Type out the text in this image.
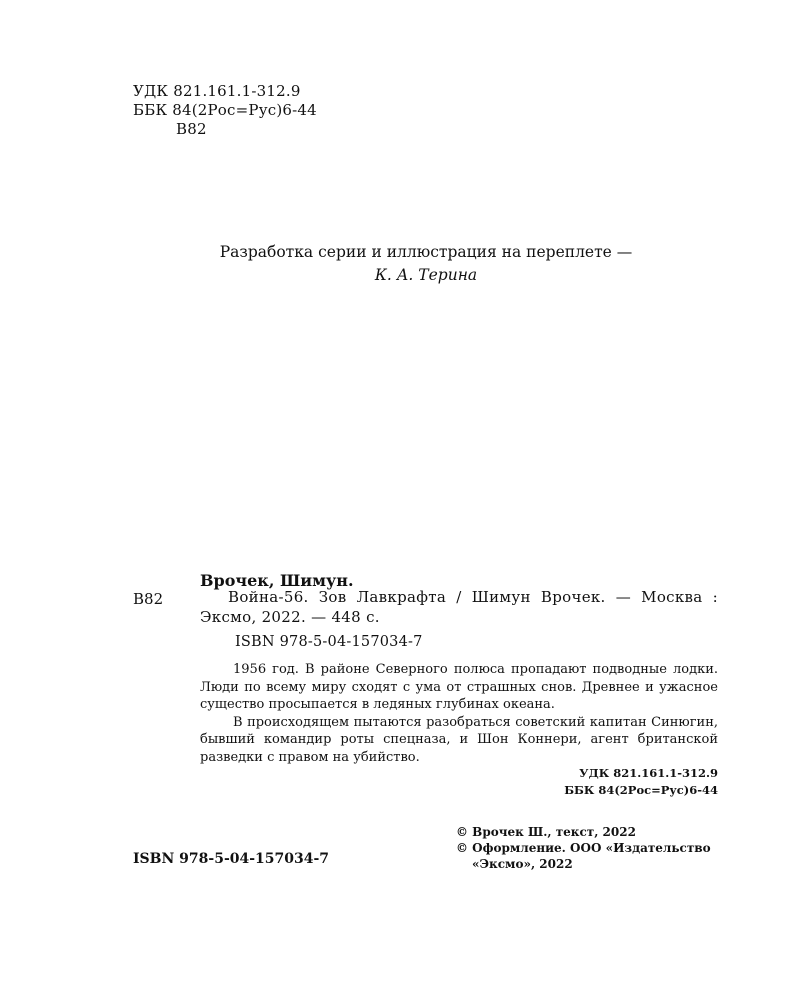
УДК 821.161.1-312.9
ББК 84(2Рос=Рус)6-44
В82
Разработка серии и иллюстрация на переплете —
К. А. Терина
В82
Врочек, Шимун.
Война-56. Зов Лавкрафта / Шимун Врочек. — Москва : Эксмо, 2022. — 448 с.
ISBN 978-5-04-157034-7

1956 год. В районе Северного полюса пропадают подводные лодки. Люди по всему миру сходят с ума от страшных снов. Древнее и ужасное существо просыпается в ледяных глубинах океана.

В происходящем пытаются разобраться советский капитан Синюгин, бывший командир роты спецназа, и Шон Коннери, агент британской разведки с правом на убийство.

УДК 821.161.1-312.9
ББК 84(2Рос=Рус)6-44
© Врочек Ш., текст, 2022
© Оформление. ООО «Издательство
«Эксмо», 2022
ISBN 978-5-04-157034-7
